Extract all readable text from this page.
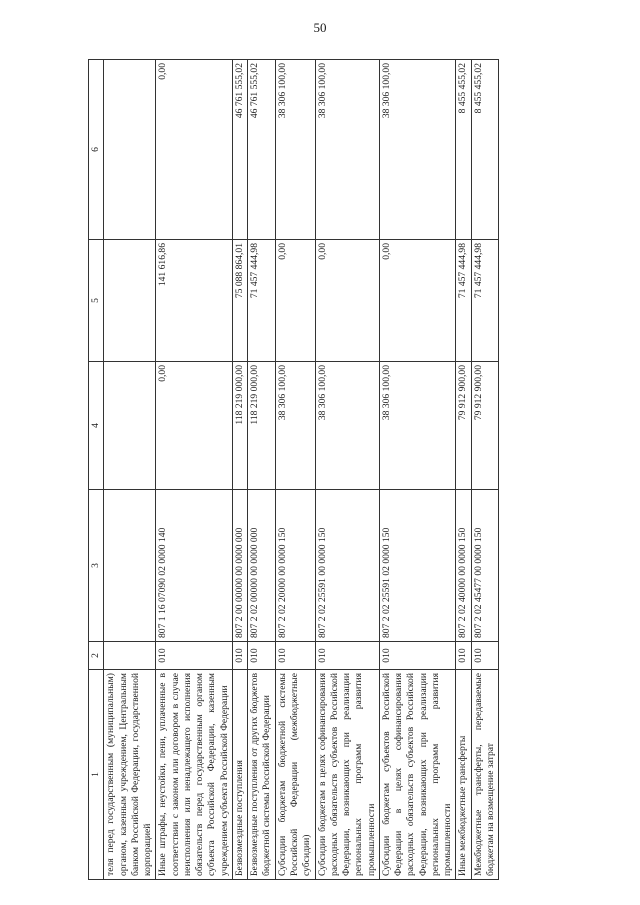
50
1	2	3	4	5	6
теля перед государственным (муниципальным) органом, казенным учреждением, Центральным банком Российской Федерации, государственной корпорацией					
Иные штрафы, неустойки, пени, уплаченные в соответствии с законом или договором в случае неисполнения или ненадлежащего исполнения обязательств перед государственным органом субъекта Российской Федерации, казенным учреждением субъекта Российской Федерации	010	807 1 16 07090 02 0000 140	0,00	141 616,86	0,00
Безвозмездные поступления	010	807 2 00 00000 00 0000 000	118 219 000,00	75 088 864,01	46 761 555,02
Безвозмездные поступления от других бюджетов бюджетной системы Российской Федерации	010	807 2 02 00000 00 0000 000	118 219 000,00	71 457 444,98	46 761 555,02
Субсидии бюджетам бюджетной системы Российской Федерации (межбюджетные субсидии)	010	807 2 02 20000 00 0000 150	38 306 100,00	0,00	38 306 100,00
Субсидии бюджетам в целях софинансирования расходных обязательств субъектов Российской Федерации, возникающих при реализации региональных программ развития промышленности	010	807 2 02 25591 00 0000 150	38 306 100,00	0,00	38 306 100,00
Субсидии бюджетам субъектов Российской Федерации в целях софинансирования расходных обязательств субъектов Российской Федерации, возникающих при реализации региональных программ развития промышленности	010	807 2 02 25591 02 0000 150	38 306 100,00	0,00	38 306 100,00
Иные межбюджетные трансферты	010	807 2 02 40000 00 0000 150	79 912 900,00	71 457 444,98	8 455 455,02
Межбюджетные трансферты, передаваемые бюджетам на возмещение затрат	010	807 2 02 45477 00 0000 150	79 912 900,00	71 457 444,98	8 455 455,02
